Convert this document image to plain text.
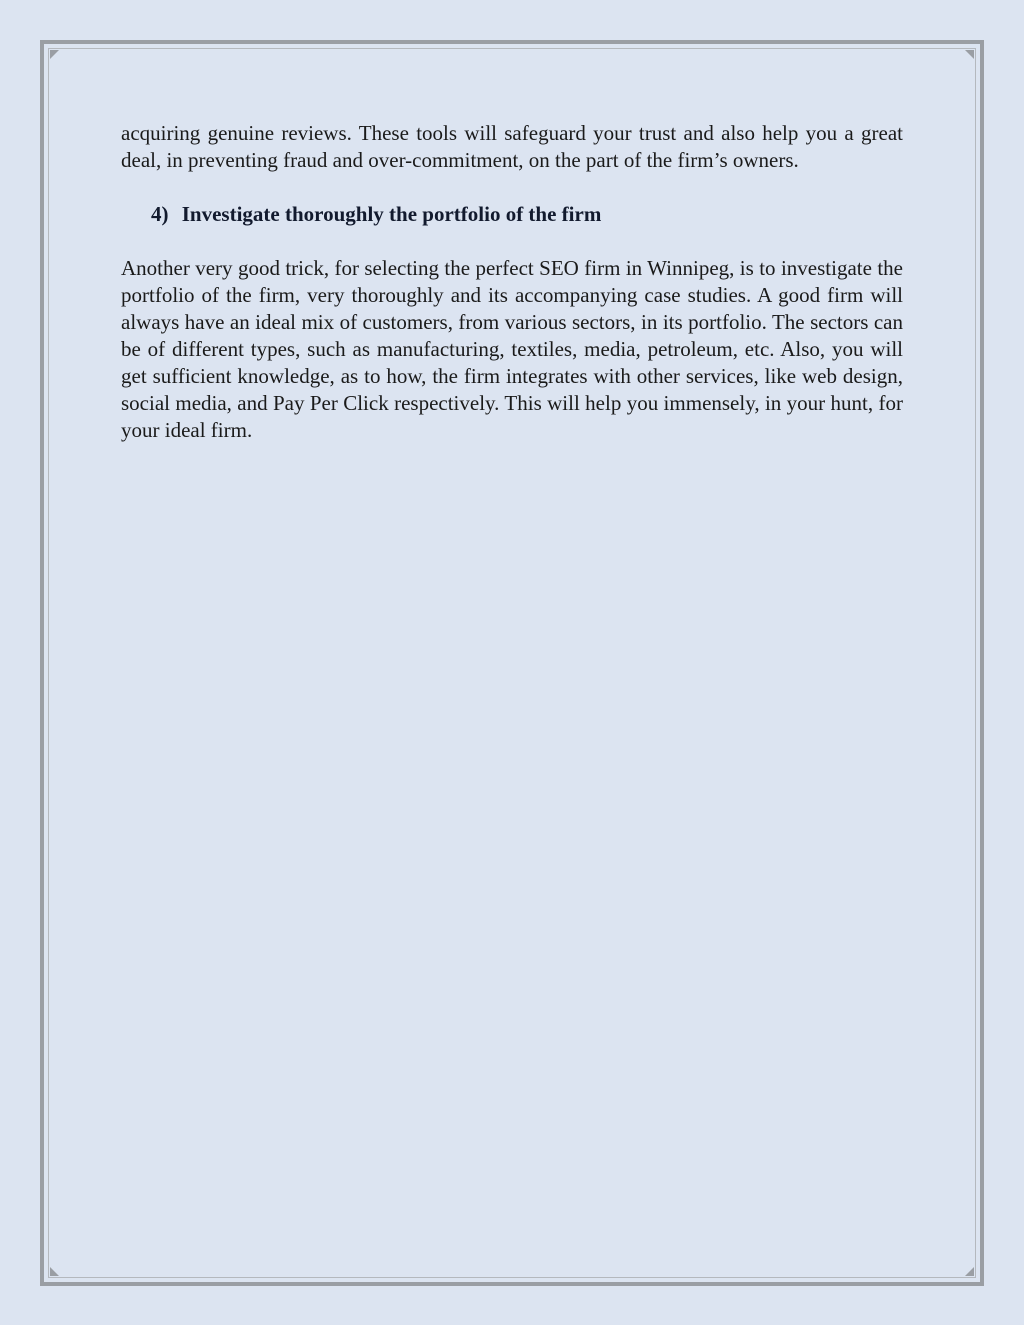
acquiring genuine reviews. These tools will safeguard your trust and also help you a great deal, in preventing fraud and over-commitment, on the part of the firm’s owners.

4) Investigate thoroughly the portfolio of the firm

Another very good trick, for selecting the perfect SEO firm in Winnipeg, is to investigate the portfolio of the firm, very thoroughly and its accompanying case studies. A good firm will always have an ideal mix of customers, from various sectors, in its portfolio. The sectors can be of different types, such as manufacturing, textiles, media, petroleum, etc. Also, you will get sufficient knowledge, as to how, the firm integrates with other services, like web design, social media, and Pay Per Click respectively. This will help you immensely, in your hunt, for your ideal firm.
